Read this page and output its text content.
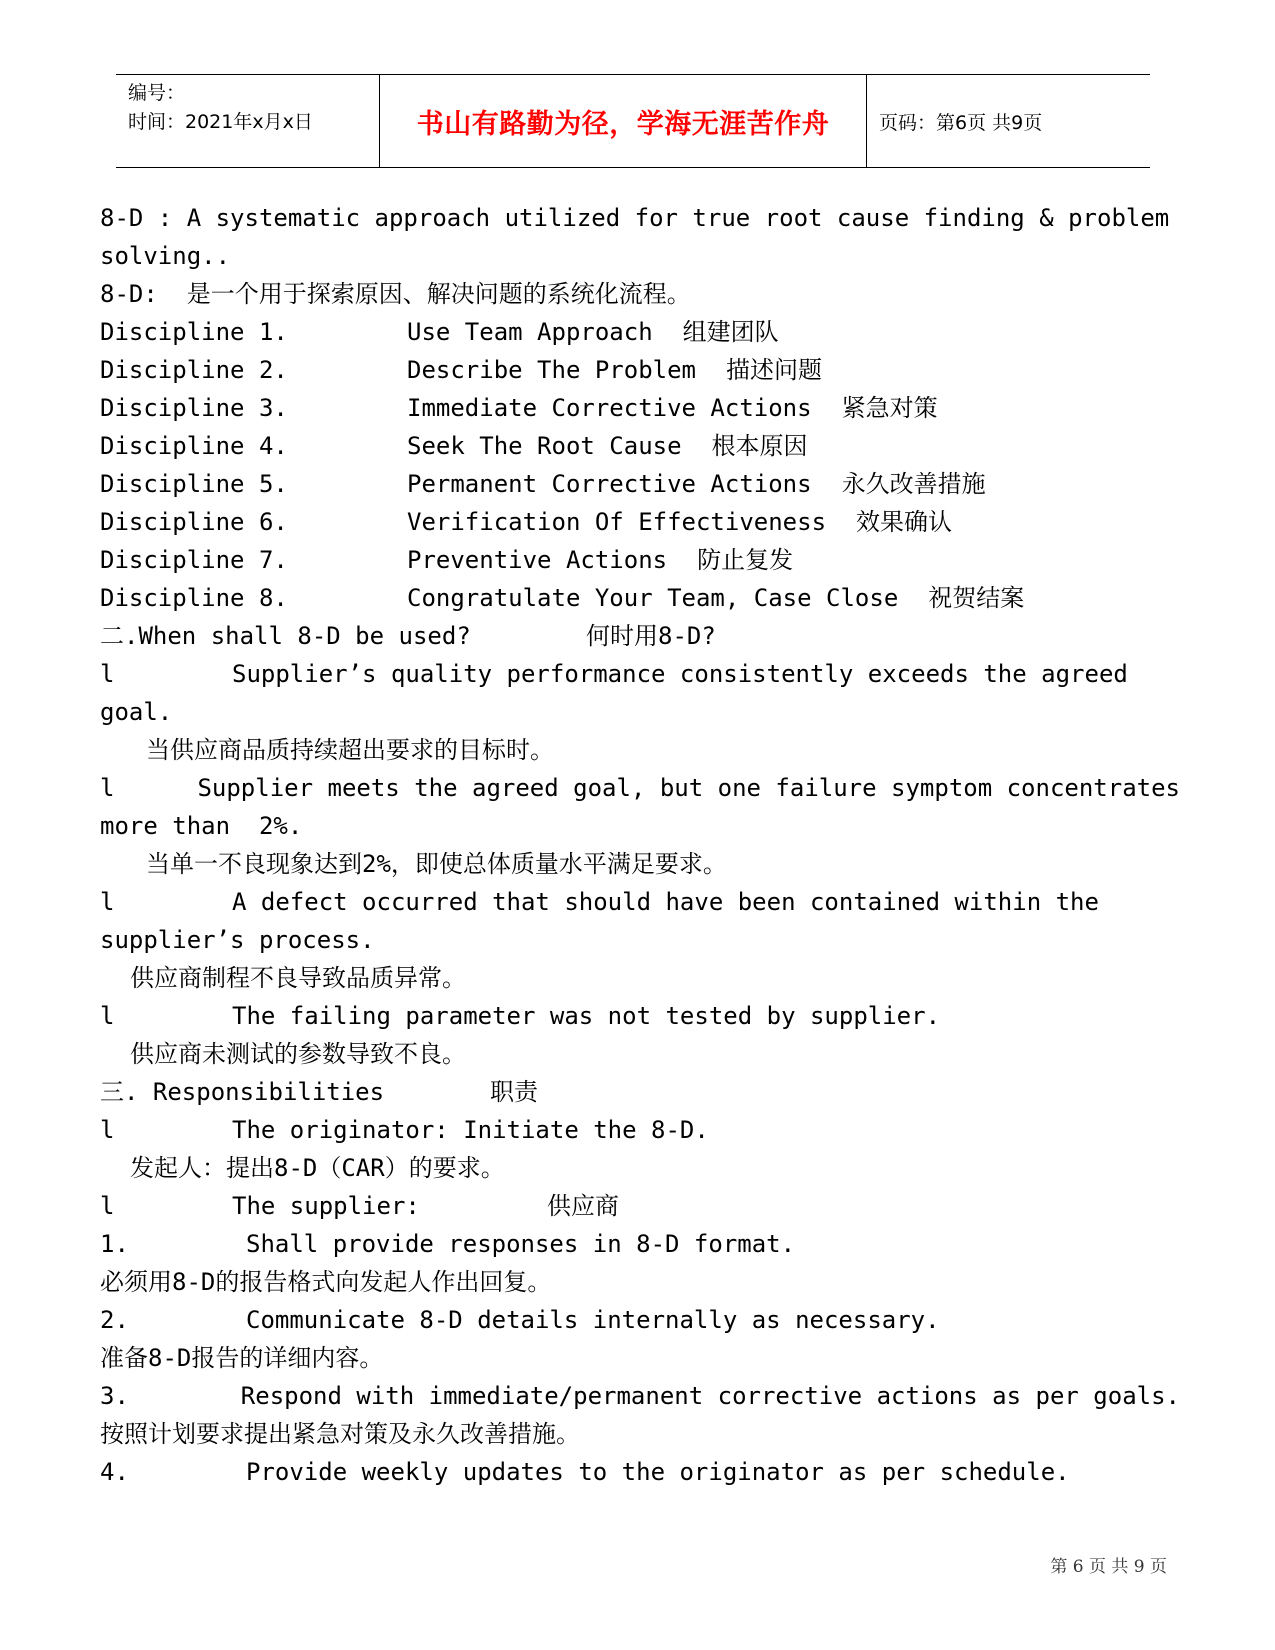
编号：
时间：2021年x月x日	书山有路勤为径，学海无涯苦作舟	页码：第6页 共9页
8-D : A systematic approach utilized for true root cause finding & problem
solving..
8-D:  是一个用于探索原因、解决问题的系统化流程。
Discipline 1.	Use Team Approach 组建团队
Discipline 2.	Describe The Problem 描述问题
Discipline 3.	Immediate Corrective Actions 紧急对策
Discipline 4.	Seek The Root Cause 根本原因
Discipline 5.	Permanent Corrective Actions 永久改善措施
Discipline 6.	Verification Of Effectiveness 效果确认
Discipline 7.	Preventive Actions 防止复发
Discipline 8.	Congratulate Your Team, Case Close 祝贺结案
二.When shall 8-D be used?	何时用8-D?
l	Supplier’s quality performance consistently exceeds the agreed
goal.
当供应商品质持续超出要求的目标时。
l	Supplier meets the agreed goal, but one failure symptom concentrates
more than  2%.
当单一不良现象达到2%，即使总体质量水平满足要求。
l	A defect occurred that should have been contained within the
supplier’s process.
供应商制程不良导致品质异常。
l	The failing parameter was not tested by supplier.
供应商未测试的参数导致不良。
三. Responsibilities	职责
l	The originator: Initiate the 8-D.
发起人：提出8-D（CAR）的要求。
l	The supplier:	供应商
1.	Shall provide responses in 8-D format.
必须用8-D的报告格式向发起人作出回复。
2.	Communicate 8-D details internally as necessary.
准备8-D报告的详细内容。
3.	Respond with immediate/permanent corrective actions as per goals.
按照计划要求提出紧急对策及永久改善措施。
4.	Provide weekly updates to the originator as per schedule.
第 6 页 共 9 页
